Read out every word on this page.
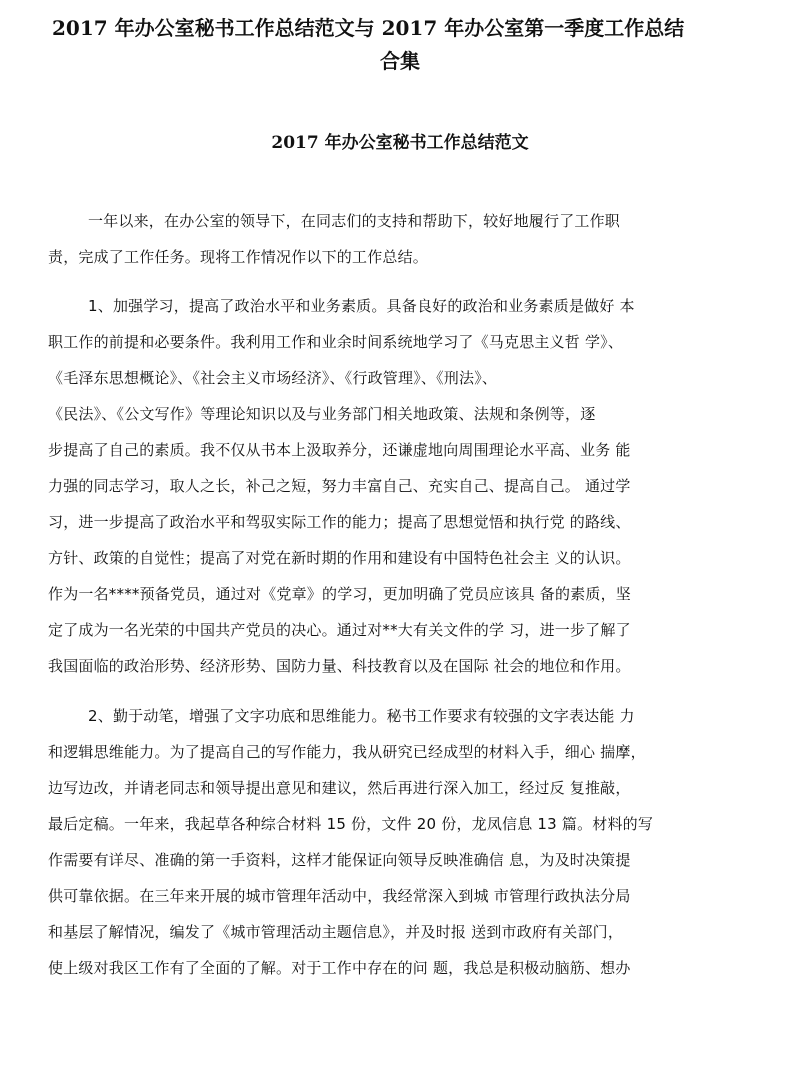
2017 年办公室秘书工作总结范文与 2017 年办公室第一季度工作总结
合集
2017 年办公室秘书工作总结范文

一年以来，在办公室的领导下，在同志们的支持和帮助下，较好地履行了工作职

责，完成了工作任务。现将工作情况作以下的工作总结。

1、加强学习，提高了政治水平和业务素质。具备良好的政治和业务素质是做好 本

职工作的前提和必要条件。我利用工作和业余时间系统地学习了《马克思主义哲 学》、

《毛泽东思想概论》、《社会主义市场经济》、《行政管理》、《刑法》、

《民法》、《公文写作》等理论知识以及与业务部门相关地政策、法规和条例等，逐

步提高了自己的素质。我不仅从书本上汲取养分，还谦虚地向周围理论水平高、业务 能

力强的同志学习，取人之长，补己之短，努力丰富自己、充实自己、提高自己。 通过学

习，进一步提高了政治水平和驾驭实际工作的能力；提高了思想觉悟和执行党 的路线、

方针、政策的自觉性；提高了对党在新时期的作用和建设有中国特色社会主 义的认识。

作为一名****预备党员，通过对《党章》的学习，更加明确了党员应该具 备的素质，坚

定了成为一名光荣的中国共产党员的决心。通过对**大有关文件的学 习，进一步了解了

我国面临的政治形势、经济形势、国防力量、科技教育以及在国际 社会的地位和作用。

2、勤于动笔，增强了文字功底和思维能力。秘书工作要求有较强的文字表达能 力

和逻辑思维能力。为了提高自己的写作能力，我从研究已经成型的材料入手，细心 揣摩，

边写边改，并请老同志和领导提出意见和建议，然后再进行深入加工，经过反 复推敲，

最后定稿。一年来，我起草各种综合材料 15 份，文件 20 份，龙凤信息 13 篇。材料的写

作需要有详尽、准确的第一手资料，这样才能保证向领导反映准确信 息，为及时决策提

供可靠依据。在三年来开展的城市管理年活动中，我经常深入到城 市管理行政执法分局

和基层了解情况，编发了《城市管理活动主题信息》，并及时报 送到市政府有关部门，

使上级对我区工作有了全面的了解。对于工作中存在的问 题，我总是积极动脑筋、想办
